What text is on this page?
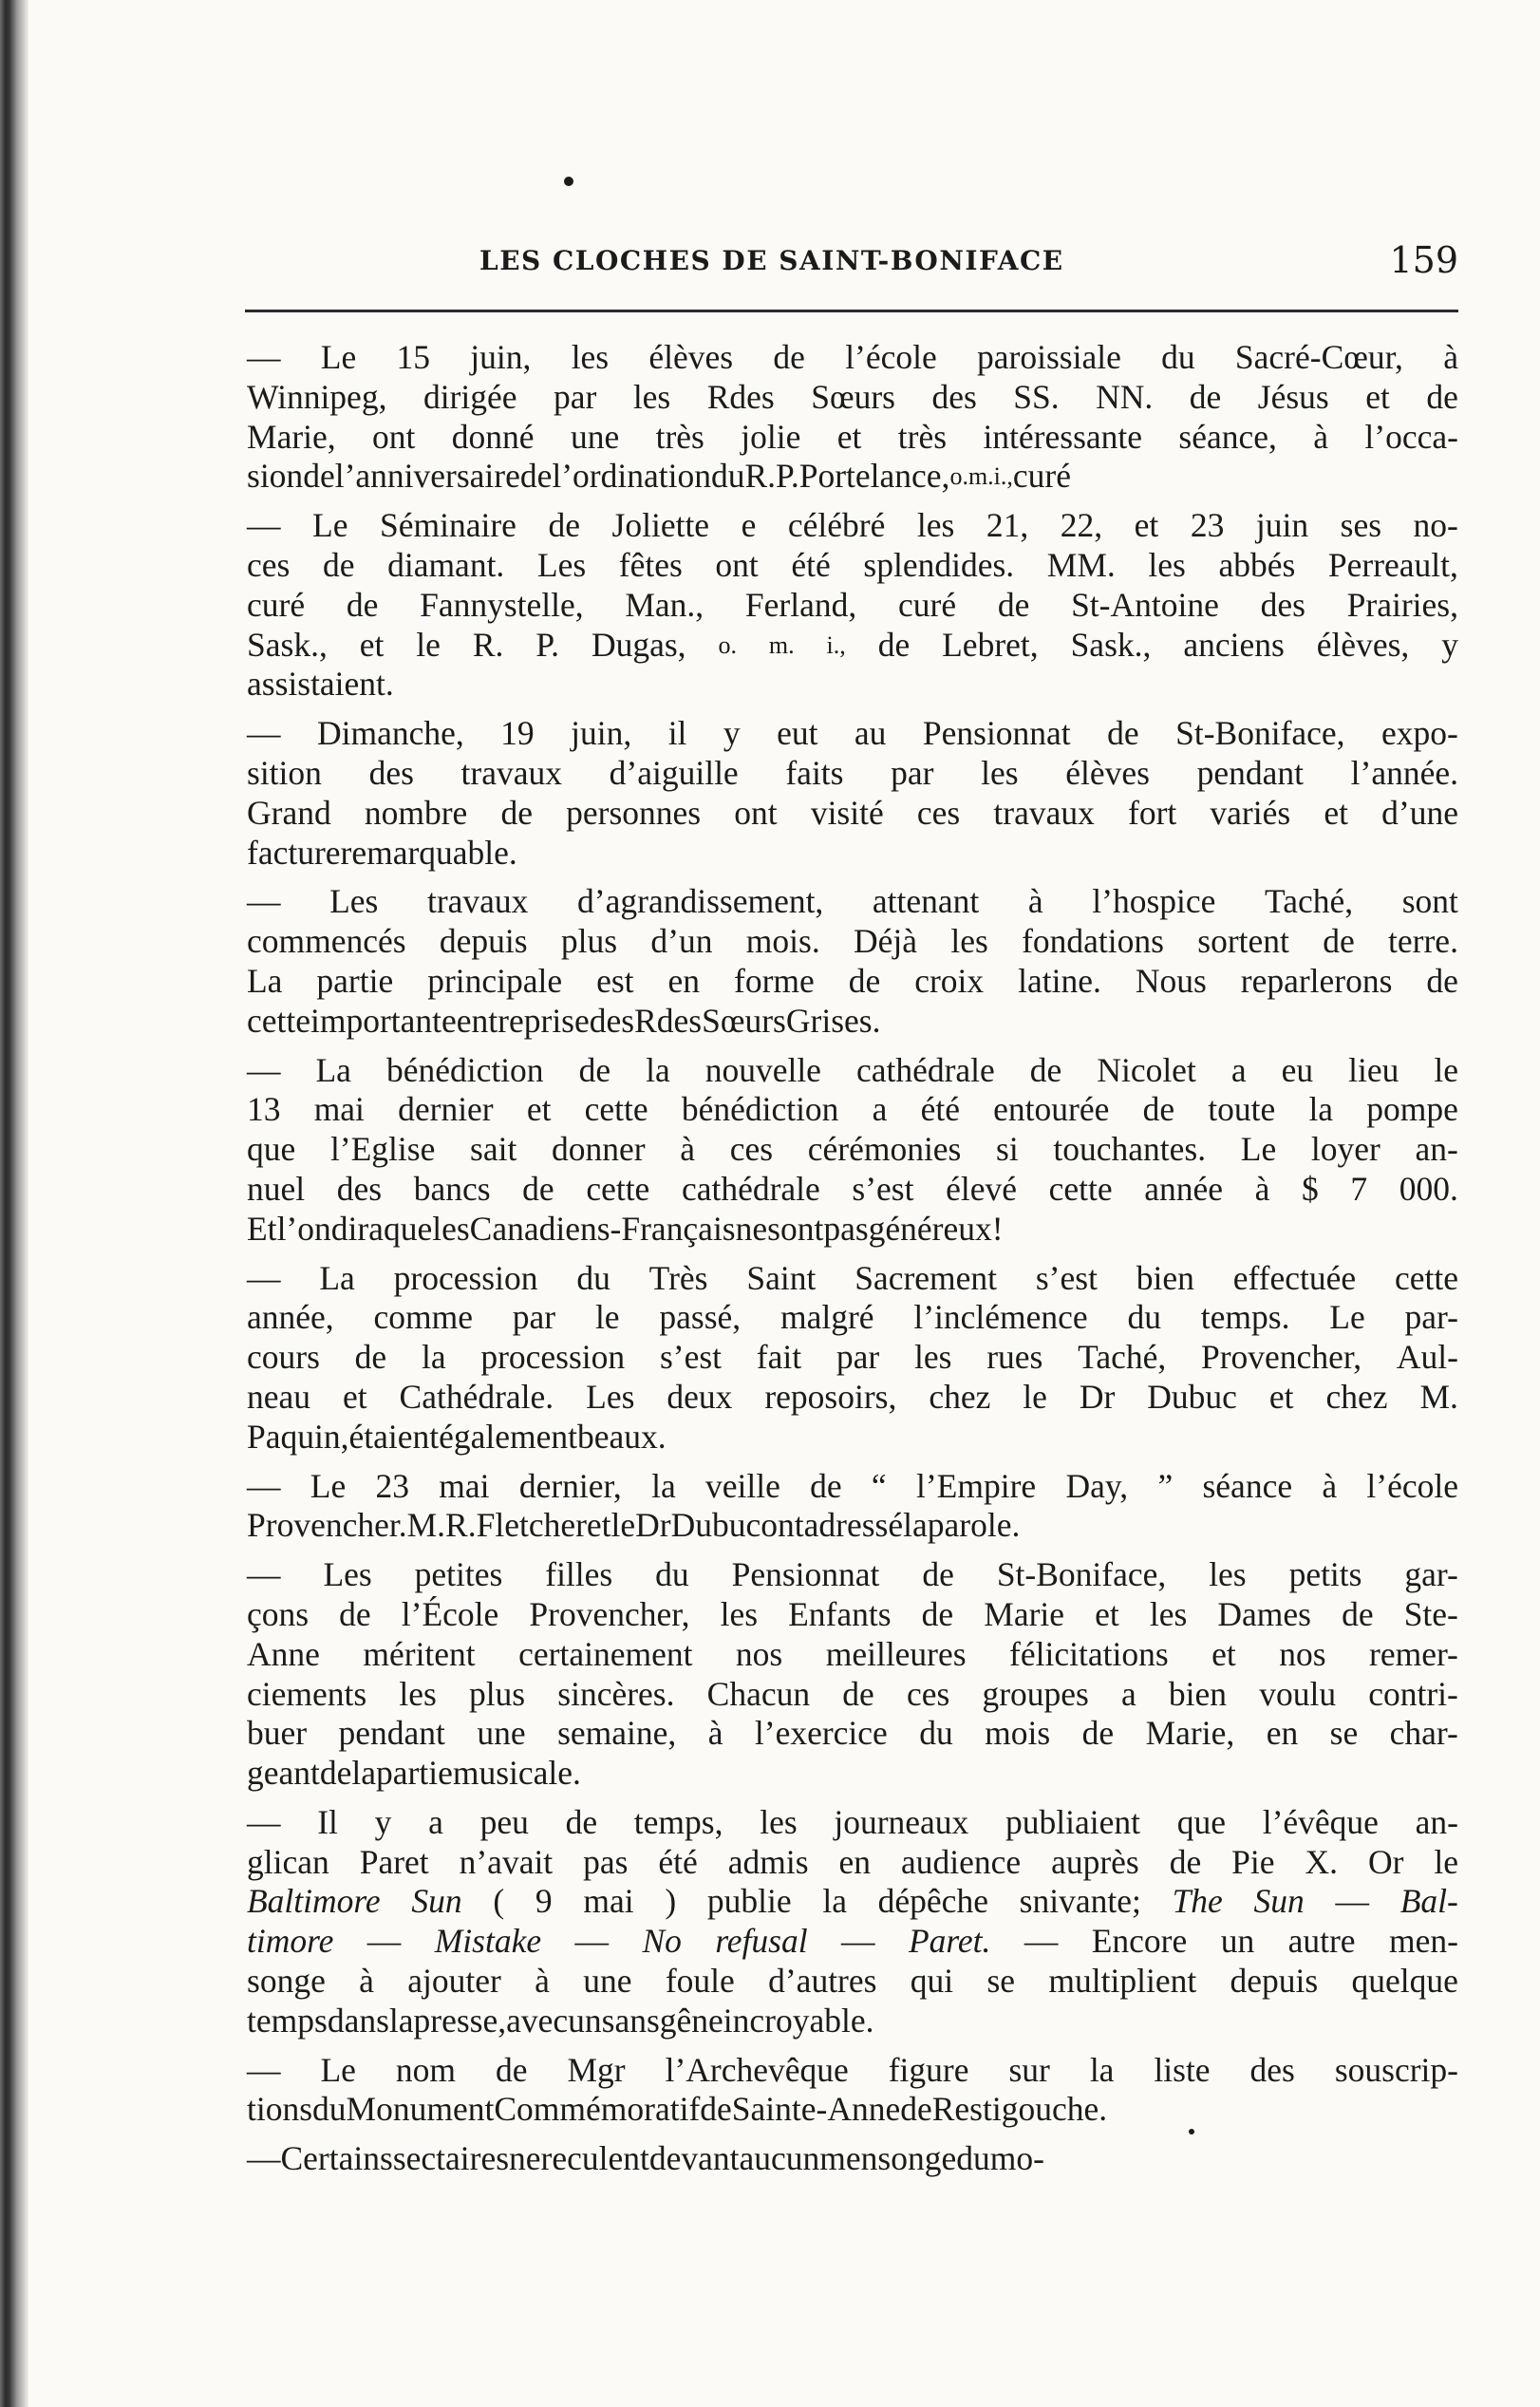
LES CLOCHES DE SAINT-BONIFACE	159
— Le 15 juin, les élèves de l’école paroissiale du Sacré-Cœur, à
Winnipeg, dirigée par les Rdes Sœurs des SS. NN. de Jésus et de
Marie, ont donné une très jolie et très intéressante séance, à l’occa-
sion de l’anniversaire de l’ordination du R. P. Portelance, o. m. i., curé
— Le Séminaire de Joliette e célébré les 21, 22, et 23 juin ses no-
ces de diamant. Les fêtes ont été splendides. MM. les abbés Perreault,
curé de Fannystelle, Man., Ferland, curé de St-Antoine des Prairies,
Sask., et le R. P. Dugas, o. m. i., de Lebret, Sask., anciens élèves, y
assistaient.
— Dimanche, 19 juin, il y eut au Pensionnat de St-Boniface, expo-
sition des travaux d’aiguille faits par les élèves pendant l’année.
Grand nombre de personnes ont visité ces travaux fort variés et d’une
facture remarquable.
— Les travaux d’agrandissement, attenant à l’hospice Taché, sont
commencés depuis plus d’un mois. Déjà les fondations sortent de terre.
La partie principale est en forme de croix latine. Nous reparlerons de
cette importante entreprise des Rdes Sœurs Grises.
— La bénédiction de la nouvelle cathédrale de Nicolet a eu lieu le
13 mai dernier et cette bénédiction a été entourée de toute la pompe
que l’Eglise sait donner à ces cérémonies si touchantes. Le loyer an-
nuel des bancs de cette cathédrale s’est élevé cette année à $ 7 000.
Et l’on dira que les Canadiens-Français ne sont pas généreux !
— La procession du Très Saint Sacrement s’est bien effectuée cette
année, comme par le passé, malgré l’inclémence du temps. Le par-
cours de la procession s’est fait par les rues Taché, Provencher, Aul-
neau et Cathédrale. Les deux reposoirs, chez le Dr Dubuc et chez M.
Paquin, étaient également beaux.
— Le 23 mai dernier, la veille de “ l’Empire Day, ” séance à l’école
Provencher. M. R. Fletcher et le Dr Dubuc ont adressé la parole.
— Les petites filles du Pensionnat de St-Boniface, les petits gar-
çons de l’École Provencher, les Enfants de Marie et les Dames de Ste-
Anne méritent certainement nos meilleures félicitations et nos remer-
ciements les plus sincères. Chacun de ces groupes a bien voulu contri-
buer pendant une semaine, à l’exercice du mois de Marie, en se char-
geant de la partie musicale.
— Il y a peu de temps, les journeaux publiaient que l’évêque an-
glican Paret n’avait pas été admis en audience auprès de Pie X. Or le
Baltimore Sun ( 9 mai ) publie la dépêche snivante; The Sun — Bal-
timore — Mistake — No refusal — Paret. — Encore un autre men-
songe à ajouter à une foule d’autres qui se multiplient depuis quelque
temps dans la presse, avec un sans gêne incroyable.
— Le nom de Mgr l’Archevêque figure sur la liste des souscrip-
tions du Monument Commémoratif de Sainte-Anne de Restigouche.
— Certains sectaires ne reculent devant aucun mensonge du mo-
